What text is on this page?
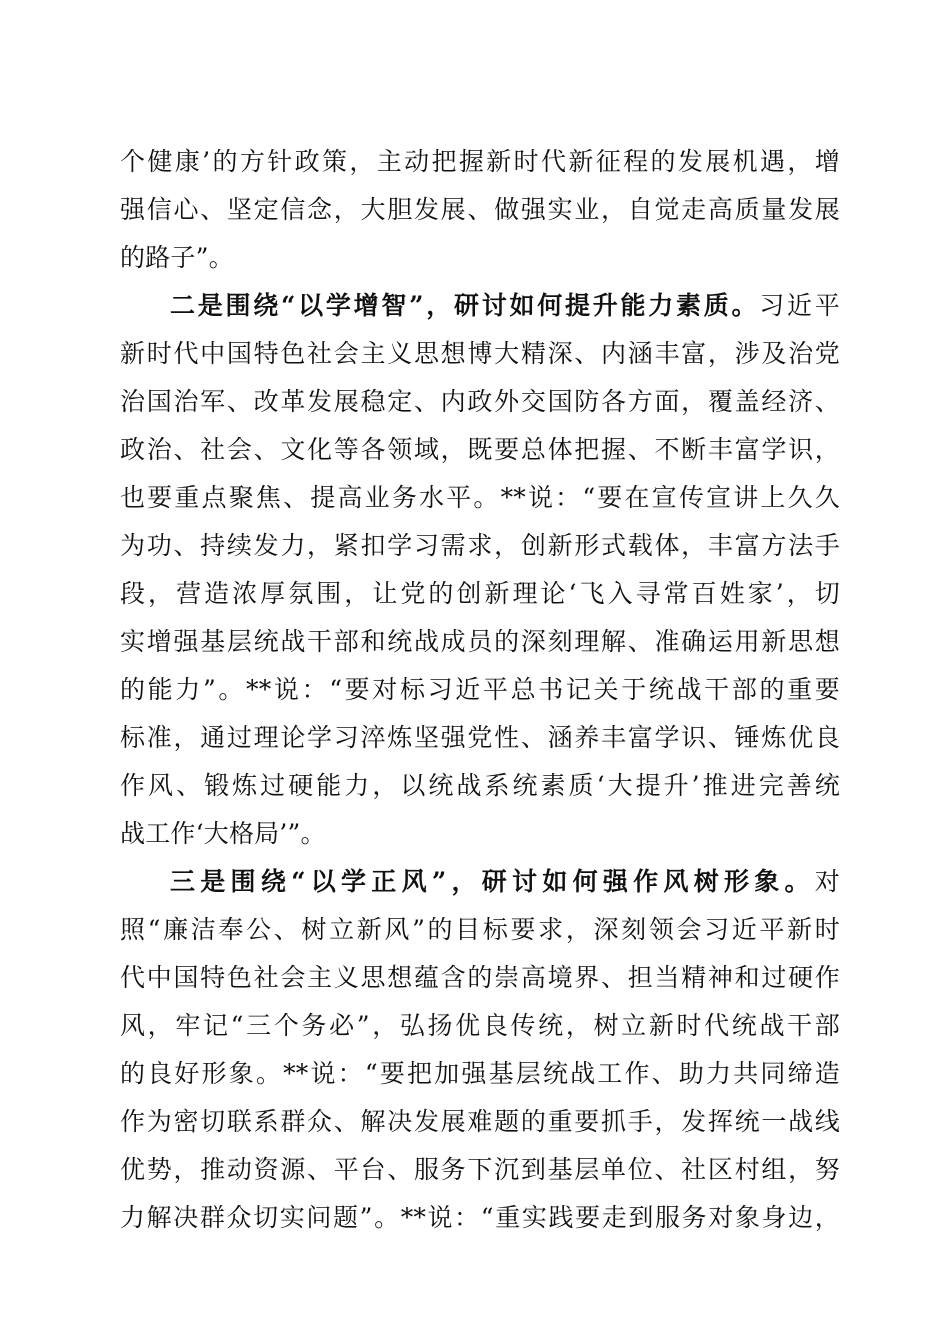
个健康’的方针政策，主动把握新时代新征程的发展机遇，增
强信心、坚定信念，大胆发展、做强实业，自觉走高质量发展
的路子”。
二是围绕“以学增智”，研讨如何提升能力素质。习近平
新时代中国特色社会主义思想博大精深、内涵丰富，涉及治党
治国治军、改革发展稳定、内政外交国防各方面，覆盖经济、
政治、社会、文化等各领域，既要总体把握、不断丰富学识，
也要重点聚焦、提高业务水平。**说：“要在宣传宣讲上久久
为功、持续发力，紧扣学习需求，创新形式载体，丰富方法手
段，营造浓厚氛围，让党的创新理论‘飞入寻常百姓家’，切
实增强基层统战干部和统战成员的深刻理解、准确运用新思想
的能力”。**说：“要对标习近平总书记关于统战干部的重要
标准，通过理论学习淬炼坚强党性、涵养丰富学识、锤炼优良
作风、锻炼过硬能力，以统战系统素质‘大提升’推进完善统
战工作‘大格局’”。
三是围绕“以学正风”，研讨如何强作风树形象。对
照“廉洁奉公、树立新风”的目标要求，深刻领会习近平新时
代中国特色社会主义思想蕴含的崇高境界、担当精神和过硬作
风，牢记“三个务必”，弘扬优良传统，树立新时代统战干部
的良好形象。**说：“要把加强基层统战工作、助力共同缔造
作为密切联系群众、解决发展难题的重要抓手，发挥统一战线
优势，推动资源、平台、服务下沉到基层单位、社区村组，努
力解决群众切实问题”。**说：“重实践要走到服务对象身边，
